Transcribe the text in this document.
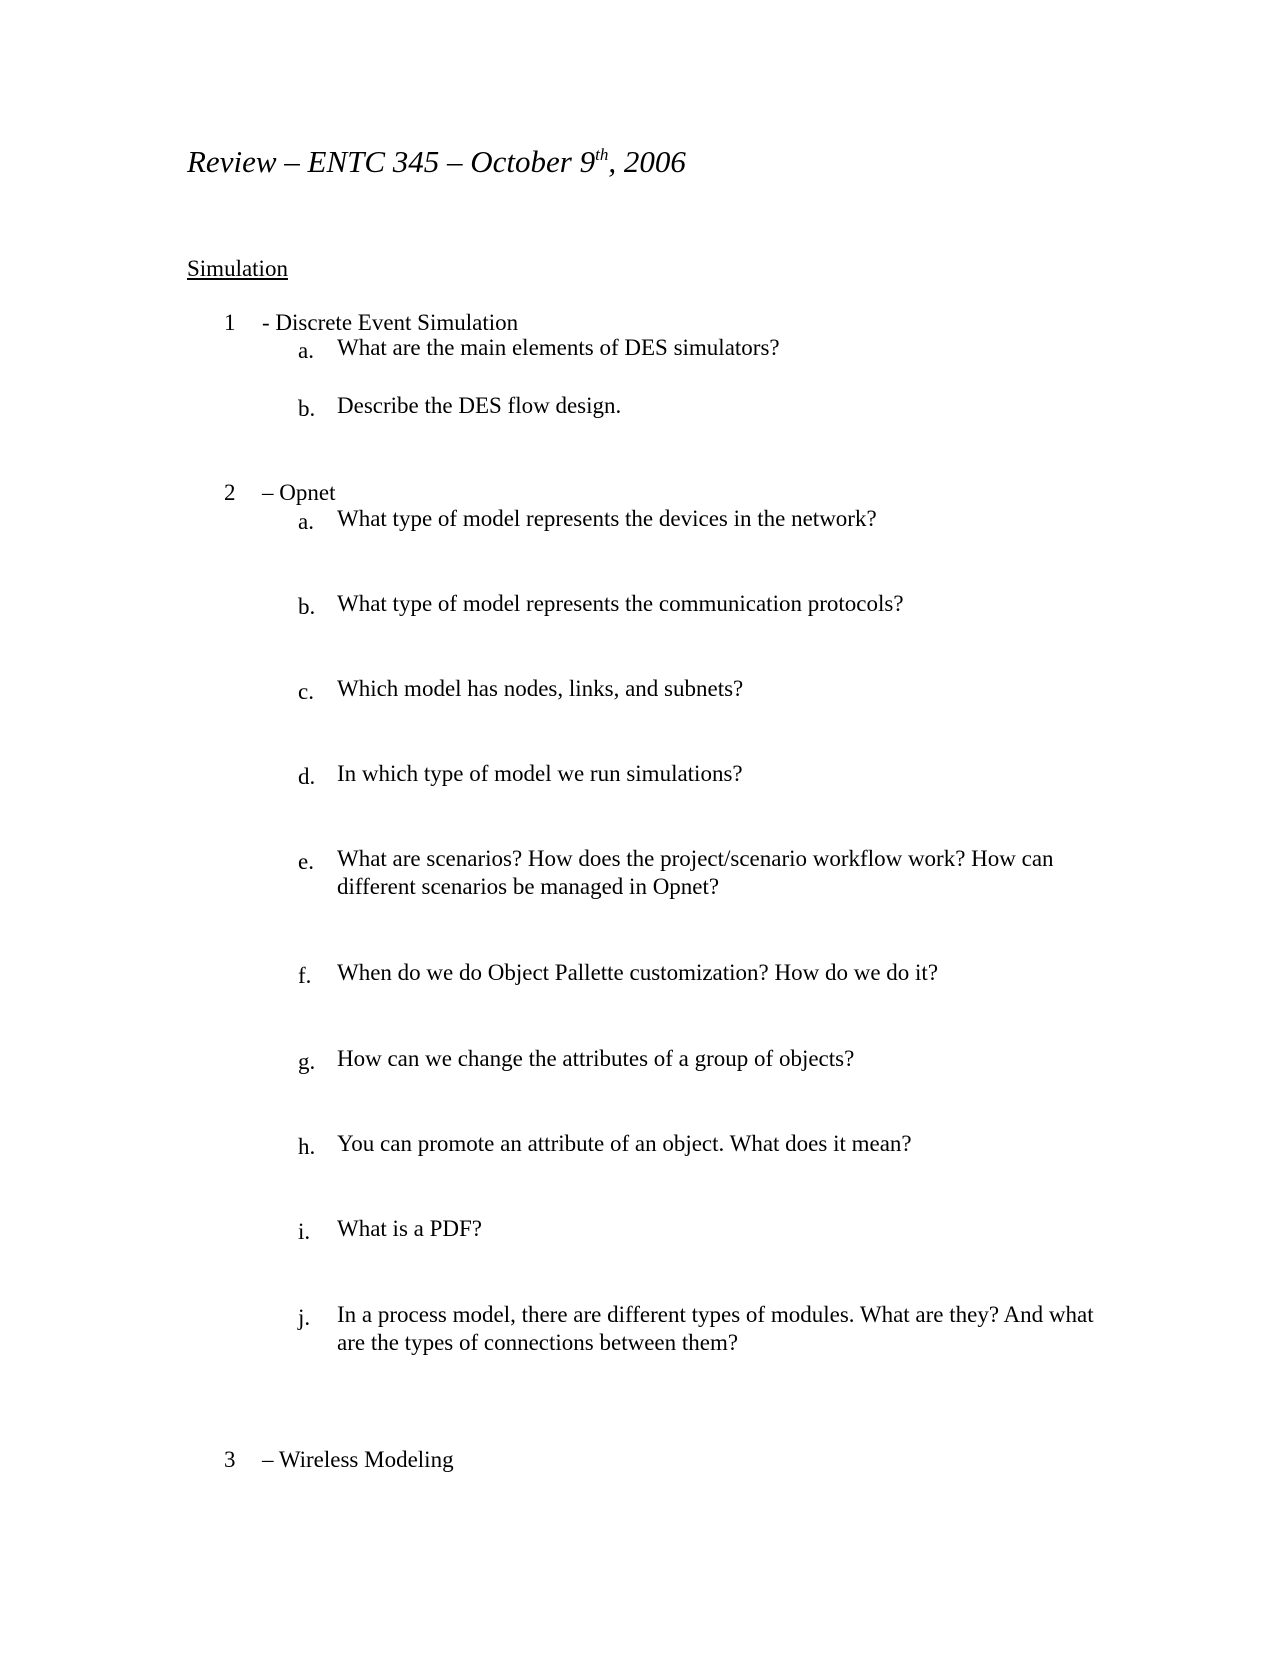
Review – ENTC 345 – October 9th, 2006
Simulation
1 - Discrete Event Simulation
a. What are the main elements of DES simulators?
b. Describe the DES flow design.
2 – Opnet
a. What type of model represents the devices in the network?
b. What type of model represents the communication protocols?
c. Which model has nodes, links, and subnets?
d. In which type of model we run simulations?
e. What are scenarios? How does the project/scenario workflow work? How can different scenarios be managed in Opnet?
f. When do we do Object Pallette customization? How do we do it?
g. How can we change the attributes of a group of objects?
h. You can promote an attribute of an object. What does it mean?
i. What is a PDF?
j. In a process model, there are different types of modules. What are they? And what are the types of connections between them?
3 – Wireless Modeling
